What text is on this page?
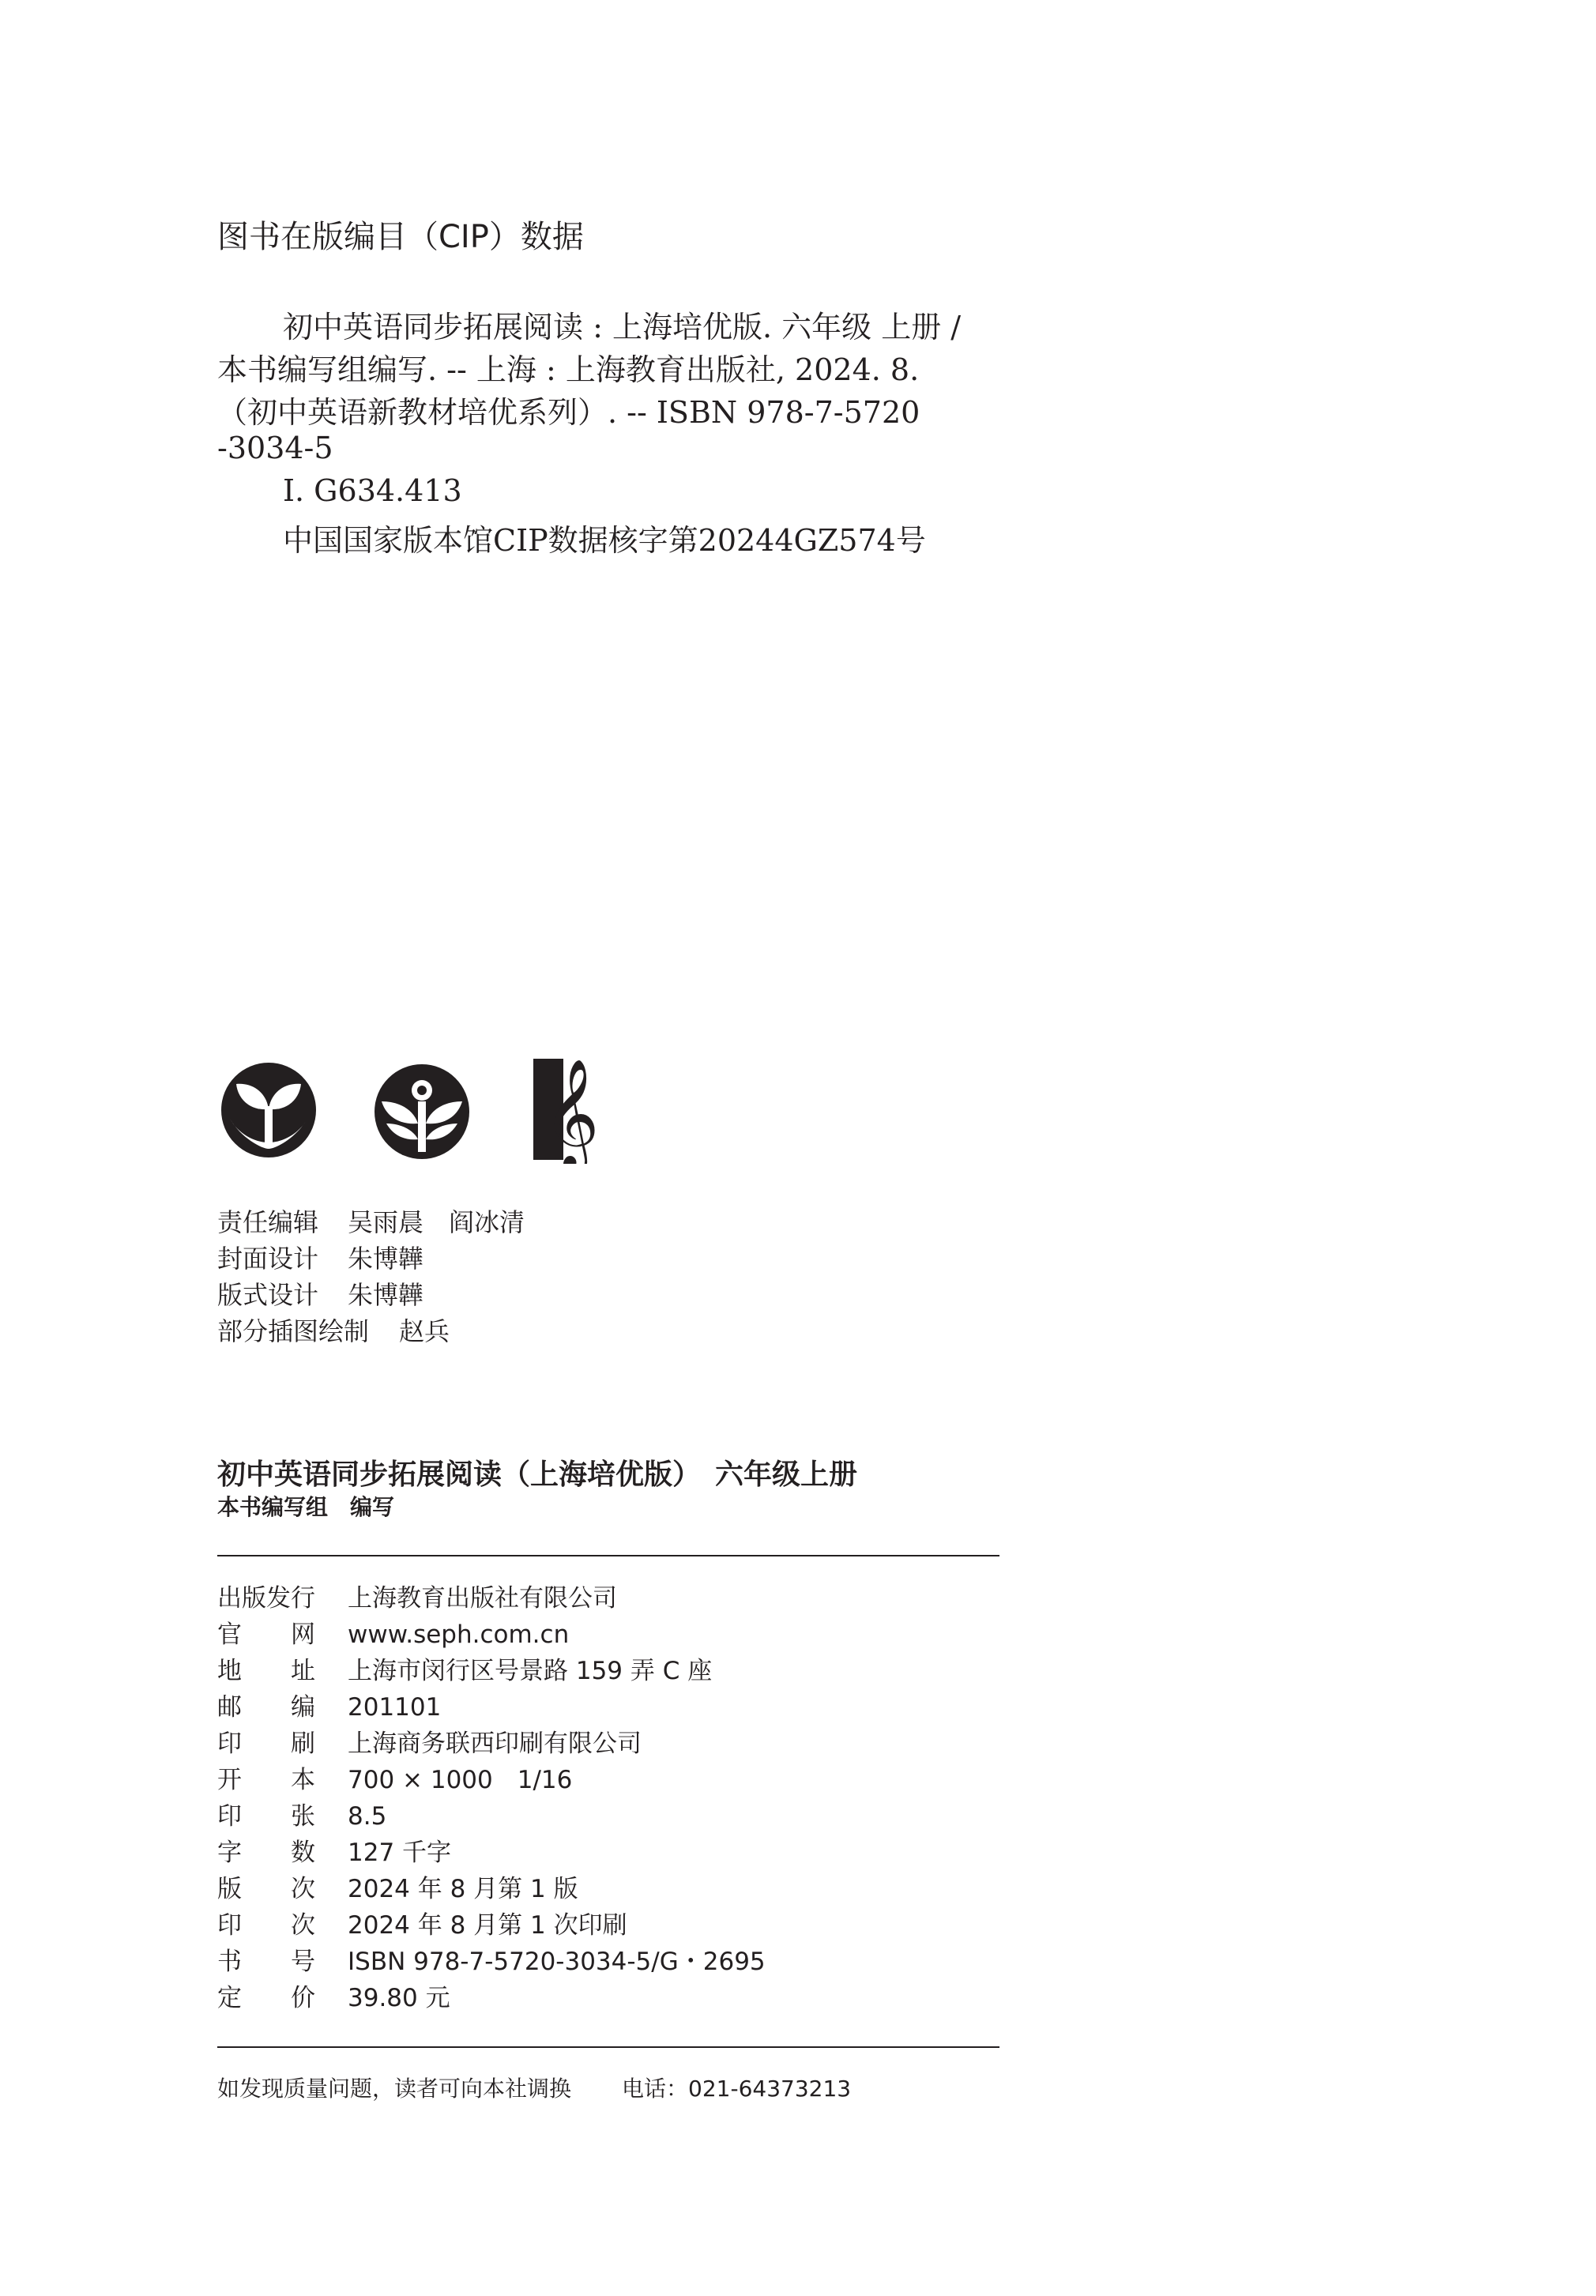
图书在版编目（CIP）数据
初中英语同步拓展阅读 : 上海培优版. 六年级 上册 /
本书编写组编写. -- 上海 : 上海教育出版社, 2024. 8.
（初中英语新教材培优系列）. -- ISBN 978-7-5720
-3034-5
Ⅰ. G634.413
中国国家版本馆CIP数据核字第20244GZ574号
𝄞
责任编辑 吴雨晨　阎冰清
封面设计 朱博韡
版式设计 朱博韡
部分插图绘制 赵兵
初中英语同步拓展阅读（上海培优版）　六年级上册
本书编写组　编写
出版发行 上海教育出版社有限公司
官　　网 www.seph.com.cn
地　　址 上海市闵行区号景路 159 弄 C 座
邮　　编 201101
印　　刷 上海商务联西印刷有限公司
开　　本 700 × 1000　1/16
印　　张 8.5
字　　数 127 千字
版　　次 2024 年 8 月第 1 版
印　　次 2024 年 8 月第 1 次印刷
书　　号 ISBN 978-7-5720-3034-5/G・2695
定　　价 39.80 元
如发现质量问题，读者可向本社调换 电话：021-64373213
